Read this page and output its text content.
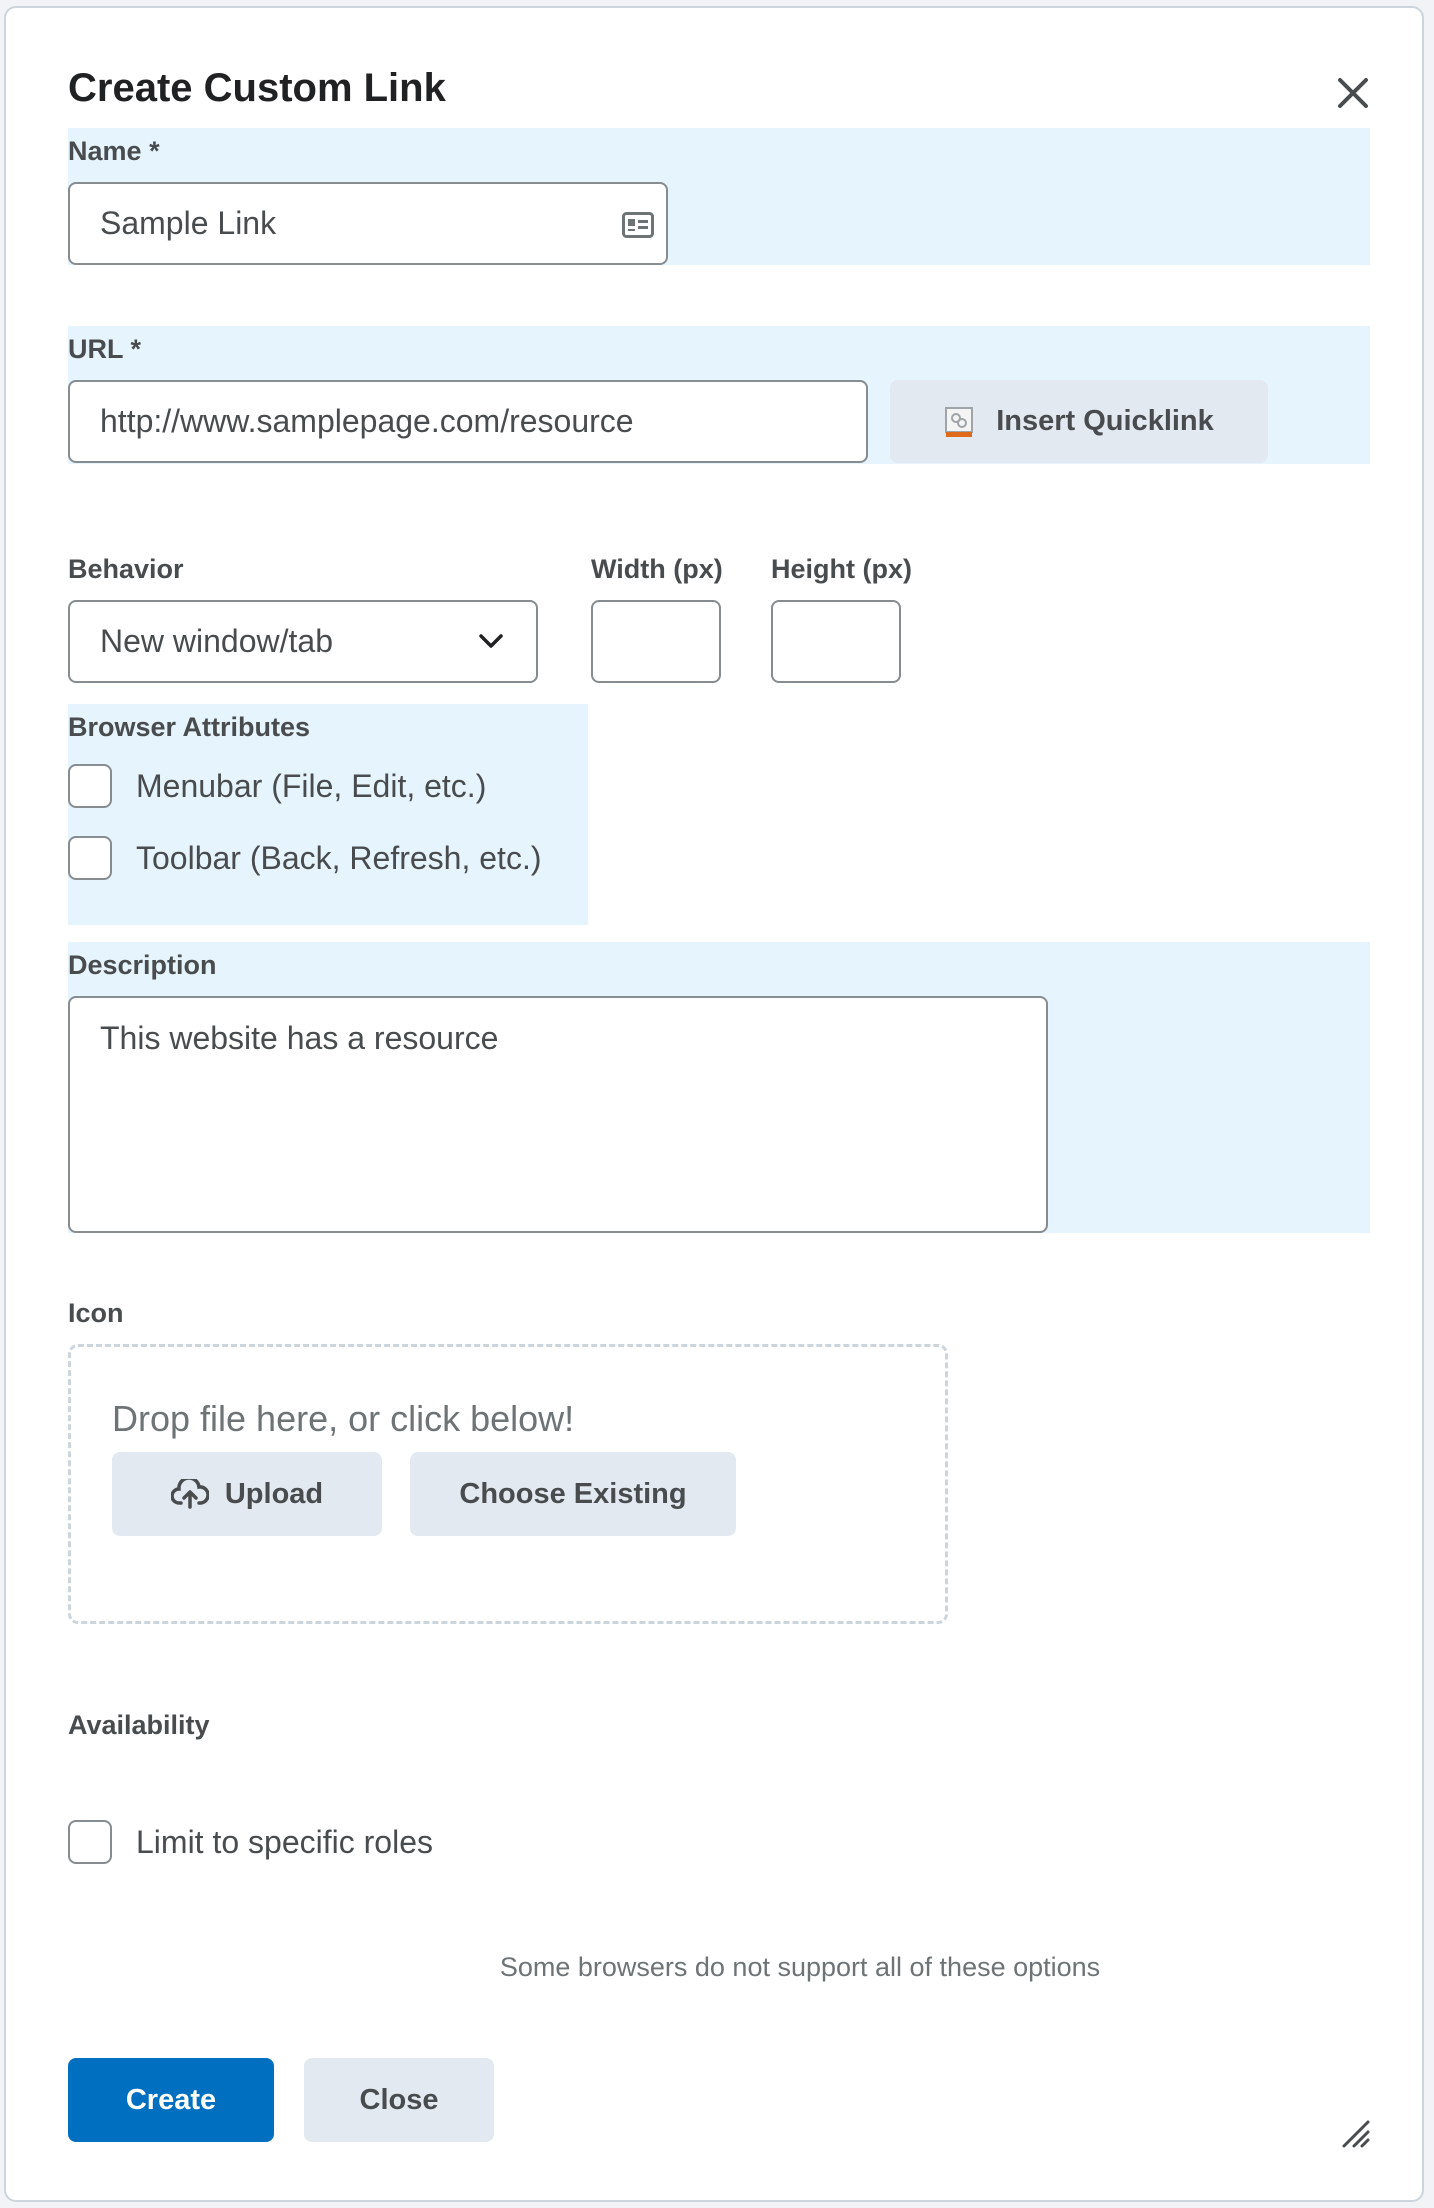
Create Custom Link
Name *
Sample Link
URL *
http://www.samplepage.com/resource	Insert Quicklink
Behavior
New window/tab
Width (px) Height (px)
Browser Attributes
Menubar (File, Edit, etc.)
Toolbar (Back, Refresh, etc.)
Description
This website has a resource
Icon
Drop file here, or click below!
Upload	Choose Existing
Availability
Limit to specific roles
Some browsers do not support all of these options
Create	Close
